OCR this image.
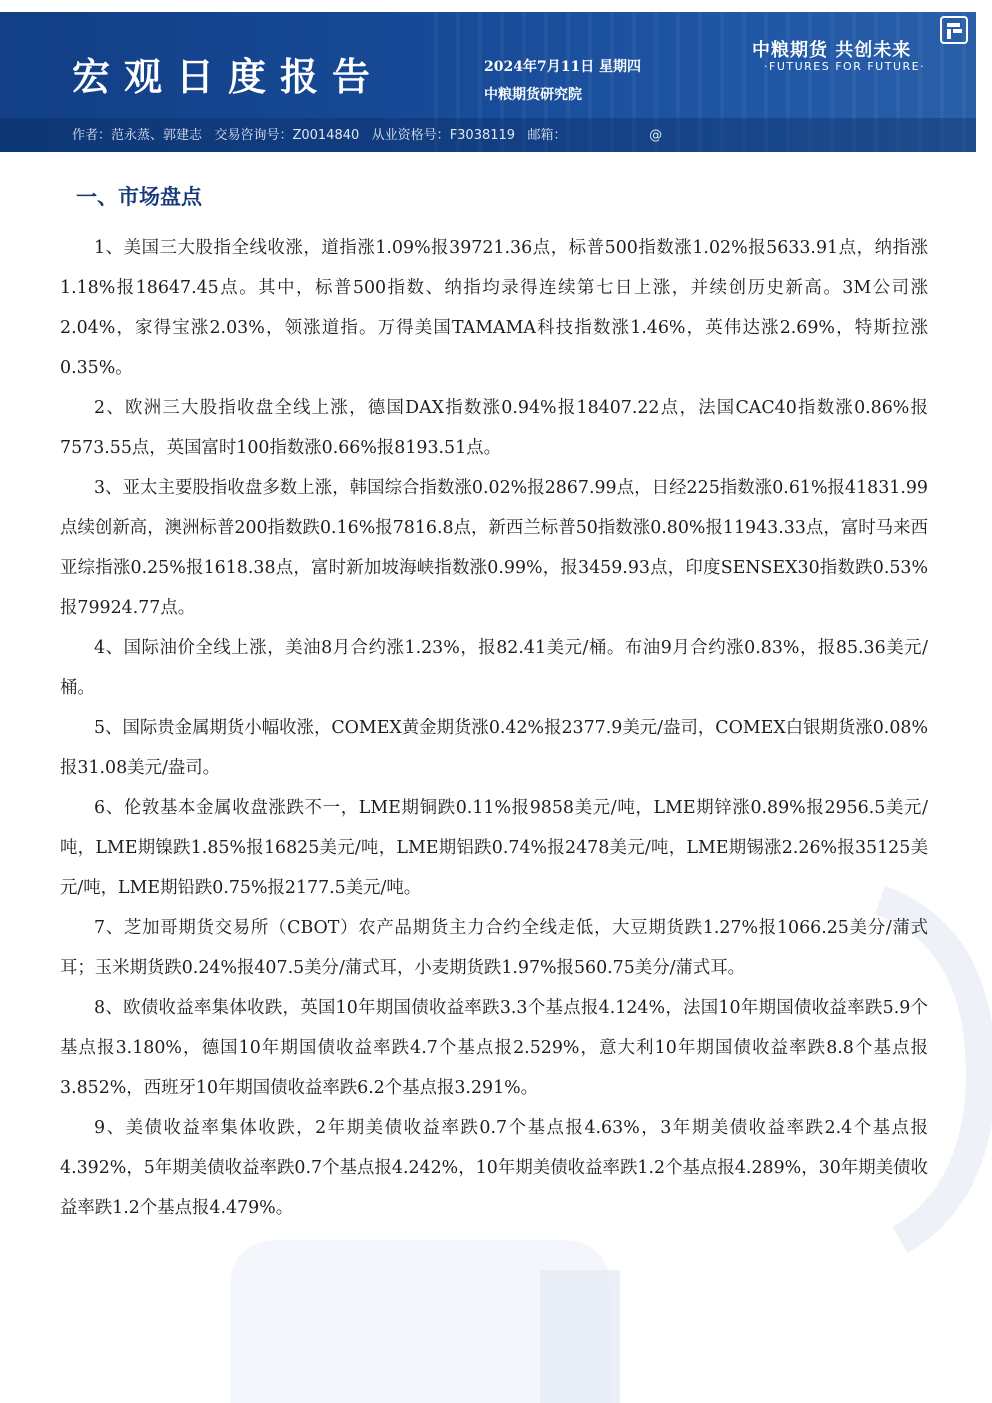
宏观日度报告	2024年7月11日 星期四
中粮期货研究院
中粮期货 共创未来
·FUTURES FOR FUTURE·
作者：范永蒸、郭建志 交易咨询号：Z0014840 从业资格号：F3038119 邮箱：	@
一、市场盘点

1、美国三大股指全线收涨，道指涨1.09%报39721.36点，标普500指数涨1.02%报5633.91点，纳指涨1.18%报18647.45点。其中，标普500指数、纳指均录得连续第七日上涨，并续创历史新高。3M公司涨2.04%，家得宝涨2.03%，领涨道指。万得美国TAMAMA科技指数涨1.46%，英伟达涨2.69%，特斯拉涨0.35%。

2、欧洲三大股指收盘全线上涨，德国DAX指数涨0.94%报18407.22点，法国CAC40指数涨0.86%报7573.55点，英国富时100指数涨0.66%报8193.51点。

3、亚太主要股指收盘多数上涨，韩国综合指数涨0.02%报2867.99点，日经225指数涨0.61%报41831.99点续创新高，澳洲标普200指数跌0.16%报7816.8点，新西兰标普50指数涨0.80%报11943.33点，富时马来西亚综指涨0.25%报1618.38点，富时新加坡海峡指数涨0.99%，报3459.93点，印度SENSEX30指数跌0.53%报79924.77点。

4、国际油价全线上涨，美油8月合约涨1.23%，报82.41美元/桶。布油9月合约涨0.83%，报85.36美元/桶。

5、国际贵金属期货小幅收涨，COMEX黄金期货涨0.42%报2377.9美元/盎司，COMEX白银期货涨0.08%报31.08美元/盎司。

6、伦敦基本金属收盘涨跌不一，LME期铜跌0.11%报9858美元/吨，LME期锌涨0.89%报2956.5美元/吨，LME期镍跌1.85%报16825美元/吨，LME期铝跌0.74%报2478美元/吨，LME期锡涨2.26%报35125美元/吨，LME期铅跌0.75%报2177.5美元/吨。

7、芝加哥期货交易所（CBOT）农产品期货主力合约全线走低，大豆期货跌1.27%报1066.25美分/蒲式耳；玉米期货跌0.24%报407.5美分/蒲式耳，小麦期货跌1.97%报560.75美分/蒲式耳。

8、欧债收益率集体收跌，英国10年期国债收益率跌3.3个基点报4.124%，法国10年期国债收益率跌5.9个基点报3.180%，德国10年期国债收益率跌4.7个基点报2.529%，意大利10年期国债收益率跌8.8个基点报3.852%，西班牙10年期国债收益率跌6.2个基点报3.291%。

9、美债收益率集体收跌，2年期美债收益率跌0.7个基点报4.63%，3年期美债收益率跌2.4个基点报4.392%，5年期美债收益率跌0.7个基点报4.242%，10年期美债收益率跌1.2个基点报4.289%，30年期美债收益率跌1.2个基点报4.479%。
